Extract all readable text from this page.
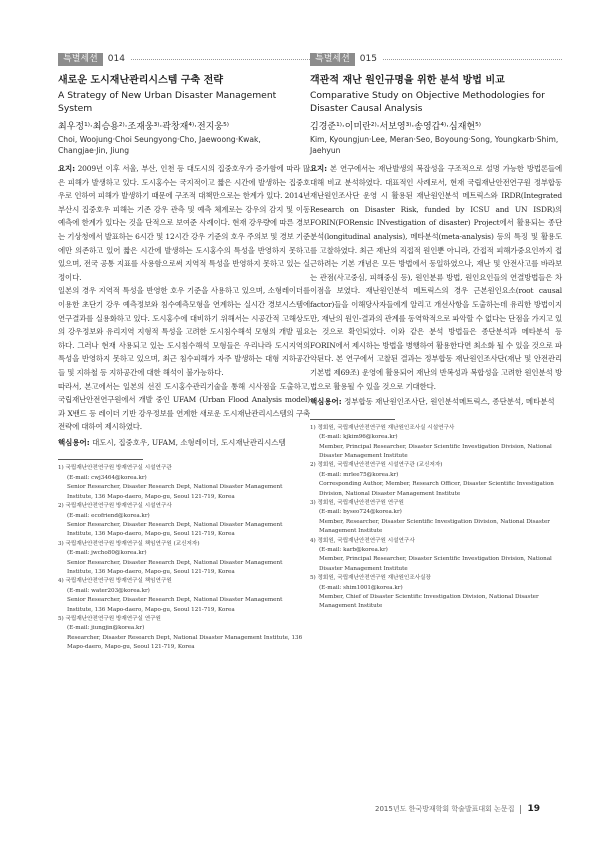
특별세션	014
새로운 도시재난관리시스템 구축 전략
A Strategy of New Urban Disaster Management System
최우정¹⁾·최승용²⁾·조재웅³⁾·곽창재⁴⁾·전지웅⁵⁾
Choi, Woojung·Choi Seungyong·Cho, Jaewoong·Kwak, Changjae·Jin, Jiung

요지: 2009년 이후 서울, 부산, 인천 등 대도시의 집중호우가 증가함에 따라 많은 피해가 발생하고 있다. 도시홍수는 국지적이고 짧은 시간에 발생하는 집중호우로 인하여 피해가 발생하기 때문에 구조적 대책만으로는 한계가 있다. 2014년 부산시 집중호우 피해는 기존 강우 관측 및 예측 체계로는 강우의 감지 및 이동 예측에 한계가 있다는 것을 단적으로 보여준 사례이다. 현재 강우량에 따른 경보는 기상청에서 발표하는 6시간 및 12시간 강우 기준의 호우 주의보 및 경보 기준에만 의존하고 있어 짧은 시간에 발생하는 도시홍수의 특성을 반영하지 못하고 있으며, 전국 공통 지표를 사용함으로써 지역적 특성을 반영하지 못하고 있는 실정이다.

일본의 경우 지역적 특성을 반영한 호우 기준을 사용하고 있으며, 소형레이더를 이용한 초단기 강우 예측정보와 침수예측모형을 연계하는 실시간 경보시스템에 연구결과를 실용화하고 있다. 도시홍수에 대비하기 위해서는 시공간적 고해상도의 강우정보와 유리지역 지형적 특성을 고려한 도시침수해석 모형의 개발 필요하다. 그러나 현재 사용되고 있는 도시침수해석 모형들은 우리나라 도시지역의 특성을 반영하지 못하고 있으며, 최근 침수피해가 자주 발생하는 대형 지하공간들 및 지하철 등 지하공간에 대한 해석이 불가능하다.

따라서, 본고에서는 일본의 선진 도시홍수관리기술을 통해 시사점을 도출하고, 국립재난안전연구원에서 개발 중인 UFAM (Urban Flood Analysis model)과 X밴드 등 레이더 기반 강우정보를 연계한 새로운 도시재난관리시스템의 구축 전략에 대하여 제시하였다.

핵심용어: 대도시, 집중호우, UFAM, 소형레이더, 도시재난관리시스템
1) 국립재난안전연구원 방재연구실 시설연구관
(E-mail: cwj3464@korea.kr)
Senior Researcher, Disaster Research Dept, National Disaster Management Institute, 136 Mapo-daero, Mapo-gu, Seoul 121-719, Korea
2) 국립재난안전연구원 방재연구실 시설연구사
(E-mail: ecofriend@korea.kr)
Senior Researcher, Disaster Research Dept, National Disaster Management Institute, 136 Mapo-daero, Mapo-gu, Seoul 121-719, Korea
3) 국립재난안전연구원 방재연구실 책임연구원 (교신저자)
(E-mail: jwcho80@korea.kr)
Senior Researcher, Disaster Research Dept, National Disaster Management Institute, 136 Mapo-daero, Mapo-gu, Seoul 121-719, Korea
4) 국립재난안전연구원 방재연구실 책임연구원
(E-mail: water203@korea.kr)
Senior Researcher, Disaster Research Dept, National Disaster Management Institute, 136 Mapo-daero, Mapo-gu, Seoul 121-719, Korea
5) 국립재난안전연구원 방재연구실 연구원
(E-mail: jiungjin@korea.kr)
Researcher, Disaster Research Dept, National Disaster Management Institute, 136 Mapo-daero, Mapo-gu, Seoul 121-719, Korea
특별세션	015
객관적 재난 원인규명을 위한 분석 방법 비교
Comparative Study on Objective Methodologies for Disaster Causal Analysis
김경준¹⁾·이미란²⁾·서보영³⁾·송영갑⁴⁾·심재현⁵⁾
Kim, Kyoungjun·Lee, Meran·Seo, Boyoung·Song, Youngkarb·Shim, Jaehyun

요지: 본 연구에서는 재난발생의 복잡성을 구조적으로 설명 가능한 방법론들에 대해 비교 분석하였다. 대표적인 사례로서, 현재 국립재난안전연구원 정부합동 재난원인조사단 운영 시 활용된 재난원인분석 메트릭스와 IRDR(Integrated Research on Disaster Risk, funded by ICSU and UN ISDR)의 FORIN(FORensic INvestigation of disaster) Project에서 활용되는 종단분석(longitudinal analysis), 메타분석(meta-analysis) 등의 특징 및 활용도를 고찰하였다. 최근 재난의 직접적 원인뿐 아니라, 간접적 피해가중요인까지 접근하려는 기본 개념은 모든 방법에서 동일하였으나, 재난 및 안전사고를 바라보는 관점(사고중심, 피해중심 등), 원인분류 방법, 원인요인들의 연결방법들은 차이점을 보였다. 재난원인분석 메트릭스의 경우 근본원인요소(root causal factor)들을 이해당사자들에게 알리고 개선사항을 도출하는데 유리한 방법이지만, 재난의 원인-결과의 관계를 동역학적으로 파악할 수 없다는 단점을 가지고 있는 것으로 확인되었다. 이와 같은 분석 방법들은 종단분석과 메타분석 등 FORIN에서 제시하는 방법을 병행하여 활용한다면 최소화 될 수 있을 것으로 파악된다. 본 연구에서 고찰된 결과는 정부합동 재난원인조사단(재난 및 안전관리 기본법 제69조) 운영에 활용되어 재난의 반복성과 복합성을 고려한 원인분석 방법으로 활용될 수 있을 것으로 기대한다.

핵심용어: 정부합동 재난원인조사단, 원인분석메트릭스, 종단분석, 메타분석
1) 정회원, 국립재난안전연구원 재난원인조사실 시설연구사
(E-mail: kjkim96@korea.kr)
Member, Principal Researcher, Disaster Scientific Investigation Division, National Disaster Management Institute
2) 정회원, 국립재난안전연구원 시설연구관 (교신저자)
(E-mail: mrlee75@korea.kr)
Corresponding Author, Member, Research Officer, Disaster Scientific Investigation Division, National Disaster Management Institute
3) 정회원, 국립재난안전연구원 연구원
(E-mail: byseo724@korea.kr)
Member, Researcher, Disaster Scientific Investigation Division, National Disaster Management Institute
4) 정회원, 국립재난안전연구원 시설연구사
(E-mail: karb@korea.kr)
Member, Principal Researcher, Disaster Scientific Investigation Division, National Disaster Management Institute
5) 정회원, 국립재난안전연구원 재난원인조사실장
(E-mail: shim1001@korea.kr)
Member, Chief of Disaster Scientific Investigation Division, National Disaster Management Institute
2015년도 한국방재학회 학술발표대회 논문집 19
